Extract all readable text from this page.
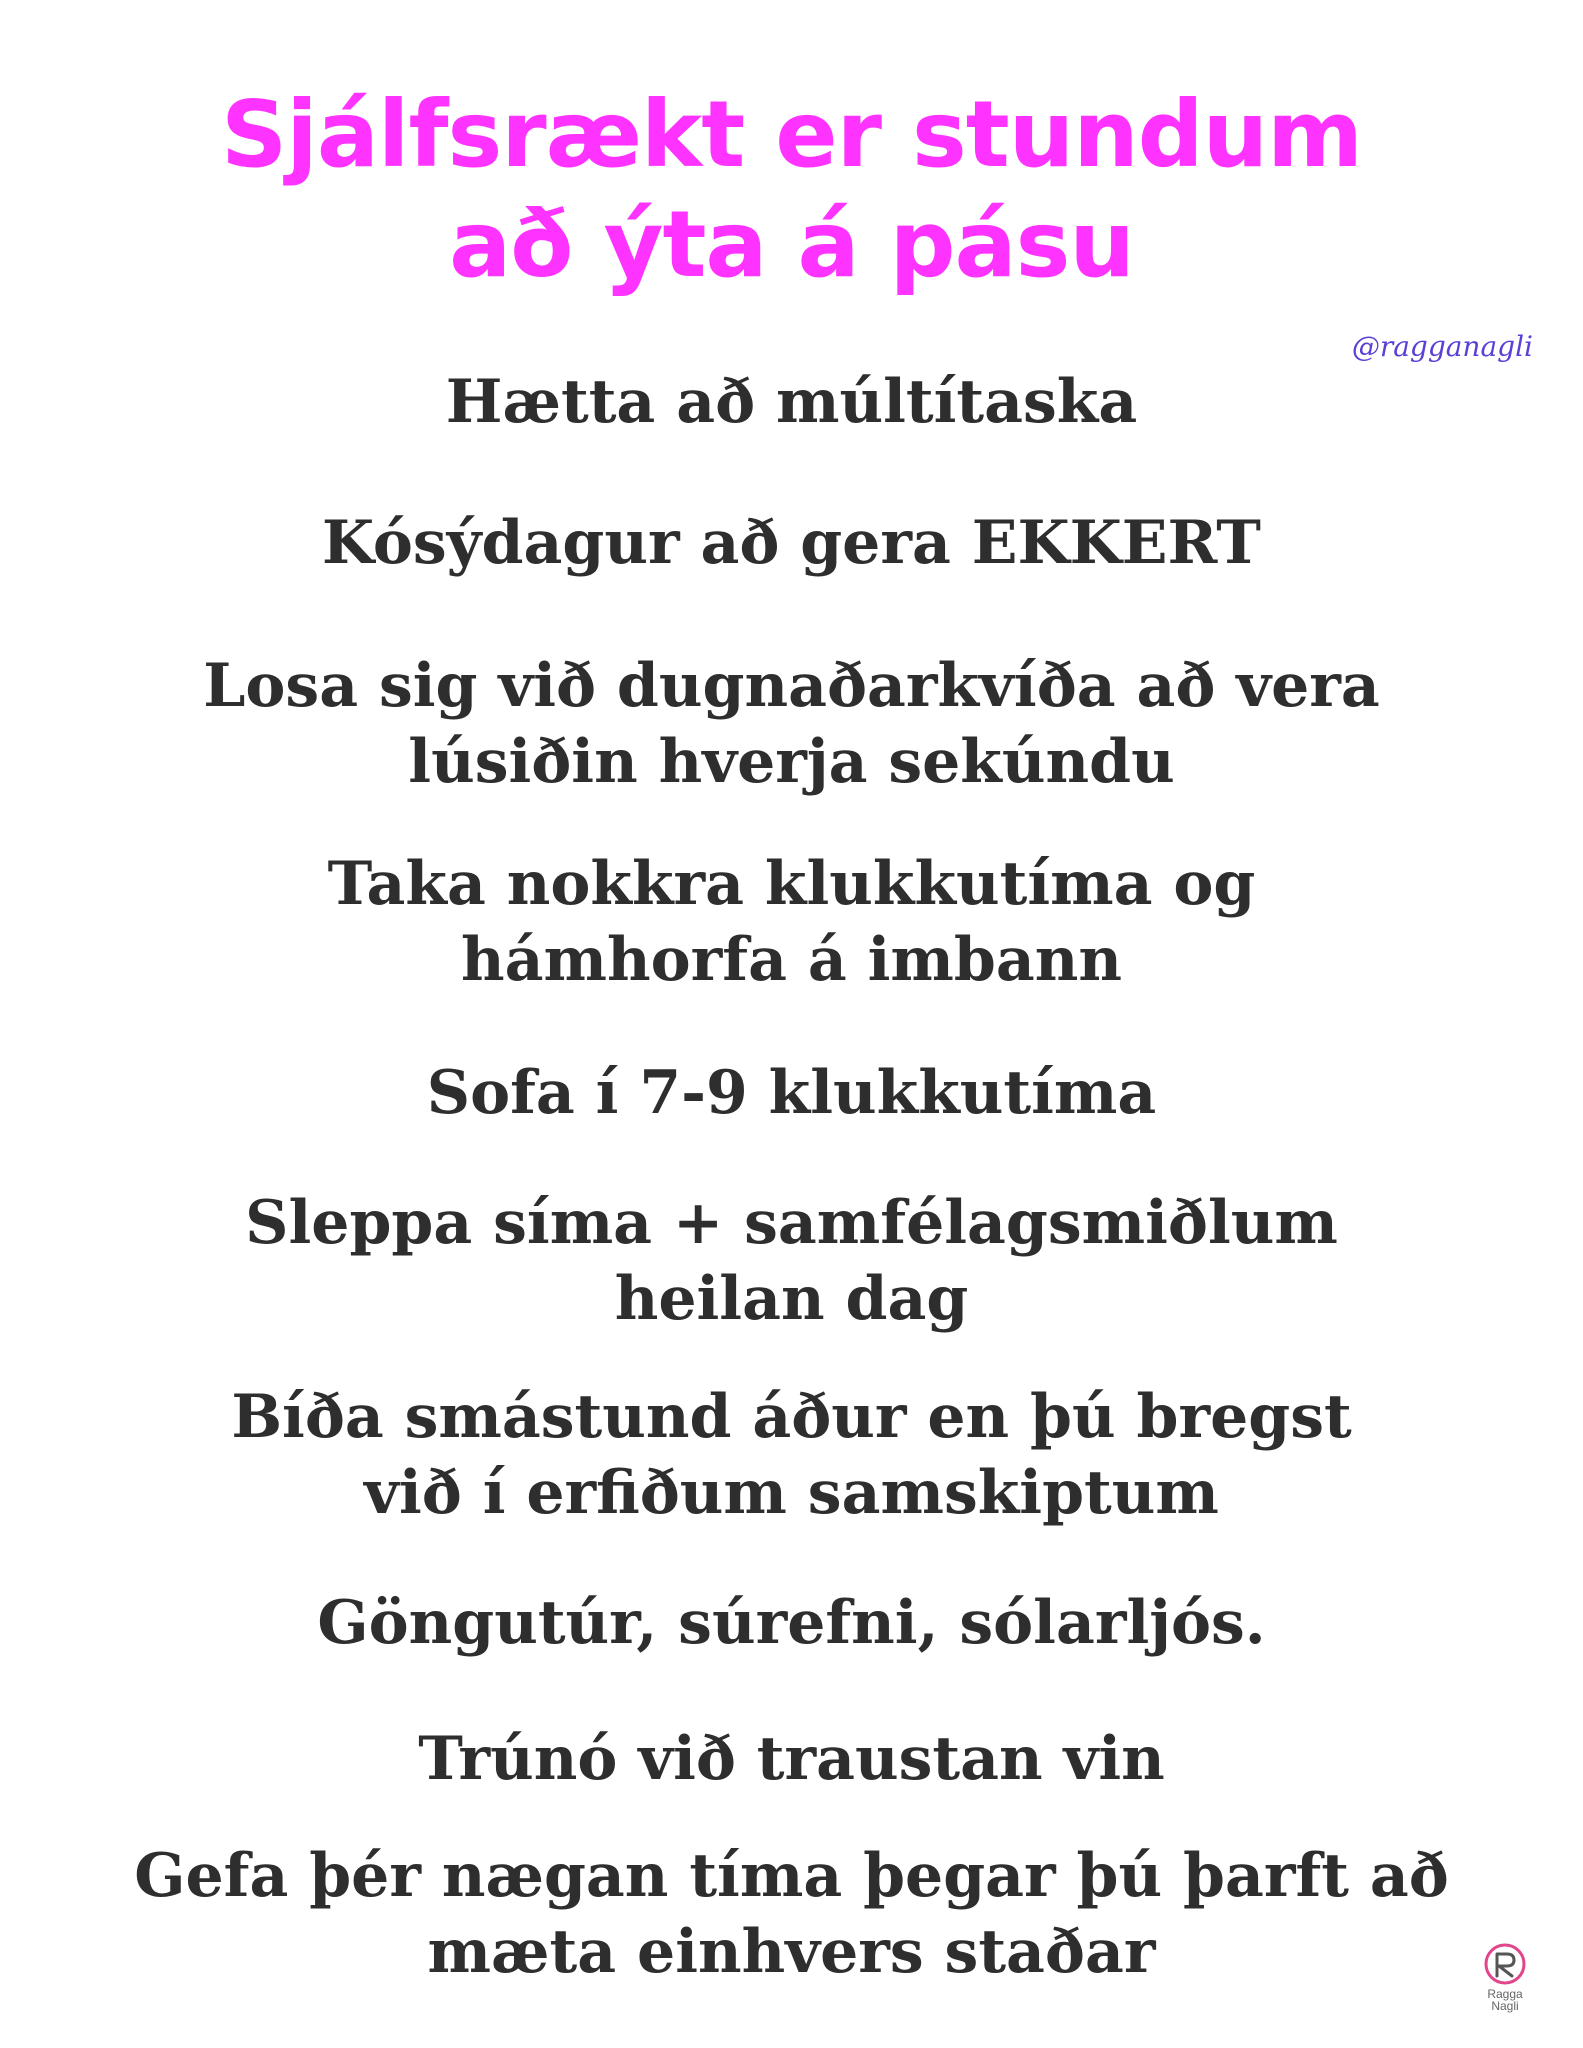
Sjálfsrækt er stundum
að ýta á pásu
@ragganagli
Hætta að múltítaska
Kósýdagur að gera EKKERT
Losa sig við dugnaðarkvíða að vera
lúsiðin hverja sekúndu
Taka nokkra klukkutíma og
hámhorfa á imbann
Sofa í 7-9 klukkutíma
Sleppa síma + samfélagsmiðlum
heilan dag
Bíða smástund áður en þú bregst
við í erfiðum samskiptum
Göngutúr, súrefni, sólarljós.
Trúnó við traustan vin
Gefa þér nægan tíma þegar þú þarft að
mæta einhvers staðar
Ragga
Nagli
